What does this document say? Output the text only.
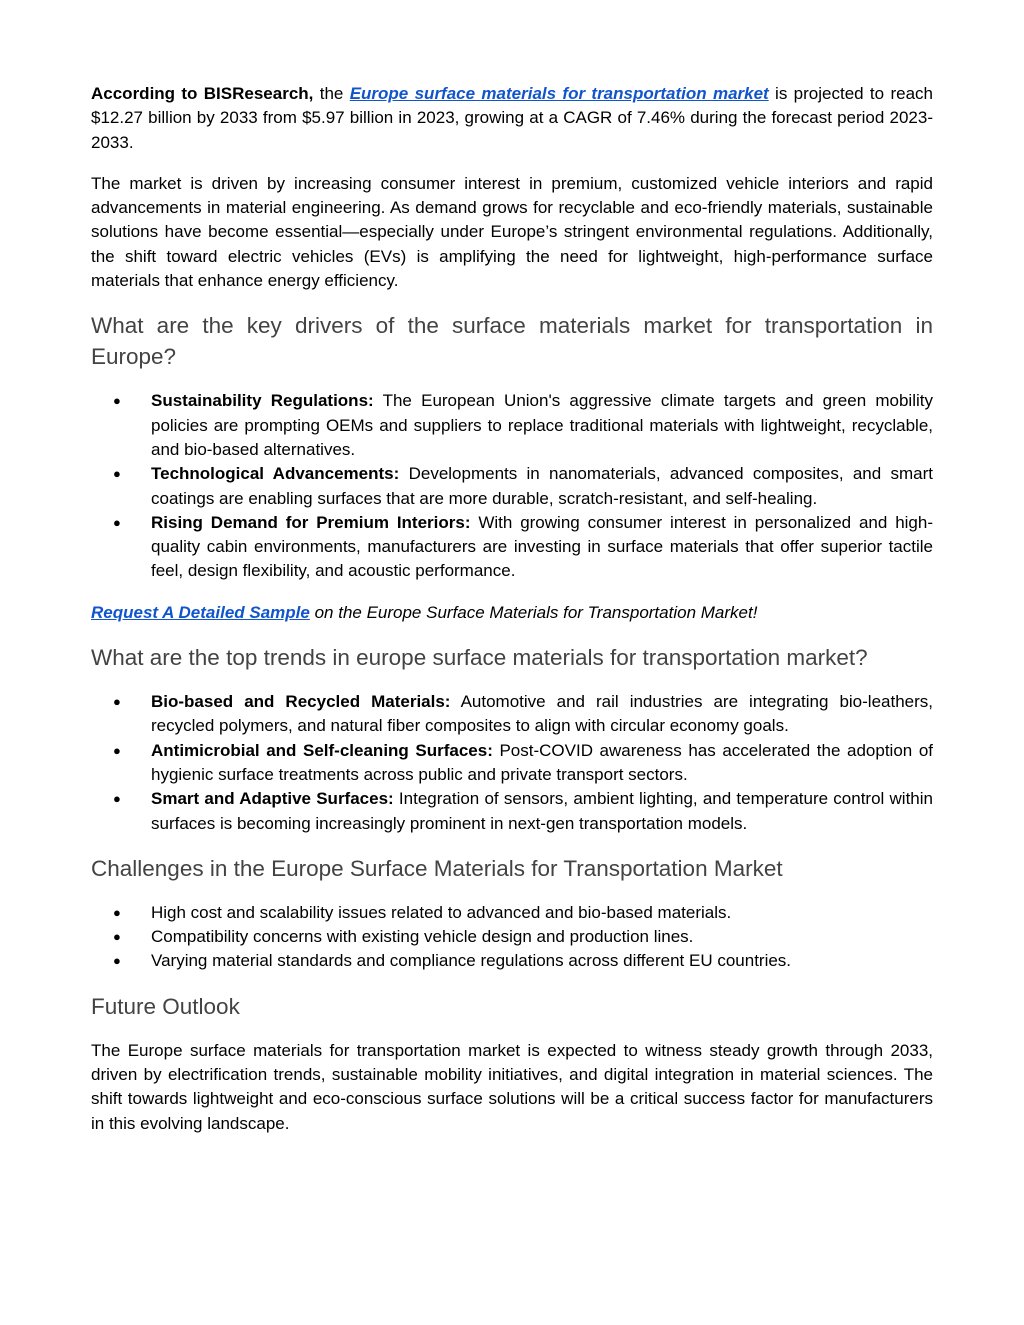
According to BISResearch, the Europe surface materials for transportation market is projected to reach $12.27 billion by 2033 from $5.97 billion in 2023, growing at a CAGR of 7.46% during the forecast period 2023-2033.

The market is driven by increasing consumer interest in premium, customized vehicle interiors and rapid advancements in material engineering. As demand grows for recyclable and eco-friendly materials, sustainable solutions have become essential—especially under Europe’s stringent environmental regulations. Additionally, the shift toward electric vehicles (EVs) is amplifying the need for lightweight, high-performance surface materials that enhance energy efficiency.

What are the key drivers of the surface materials market for transportation in Europe?
● Sustainability Regulations: The European Union's aggressive climate targets and green mobility policies are prompting OEMs and suppliers to replace traditional materials with lightweight, recyclable, and bio-based alternatives.
● Technological Advancements: Developments in nanomaterials, advanced composites, and smart coatings are enabling surfaces that are more durable, scratch-resistant, and self-healing.
● Rising Demand for Premium Interiors: With growing consumer interest in personalized and high-quality cabin environments, manufacturers are investing in surface materials that offer superior tactile feel, design flexibility, and acoustic performance.

Request A Detailed Sample on the Europe Surface Materials for Transportation Market!

What are the top trends in europe surface materials for transportation market?
● Bio-based and Recycled Materials: Automotive and rail industries are integrating bio-leathers, recycled polymers, and natural fiber composites to align with circular economy goals.
● Antimicrobial and Self-cleaning Surfaces: Post-COVID awareness has accelerated the adoption of hygienic surface treatments across public and private transport sectors.
● Smart and Adaptive Surfaces: Integration of sensors, ambient lighting, and temperature control within surfaces is becoming increasingly prominent in next-gen transportation models.
Challenges in the Europe Surface Materials for Transportation Market
● High cost and scalability issues related to advanced and bio-based materials.
● Compatibility concerns with existing vehicle design and production lines.
● Varying material standards and compliance regulations across different EU countries.
Future Outlook

The Europe surface materials for transportation market is expected to witness steady growth through 2033, driven by electrification trends, sustainable mobility initiatives, and digital integration in material sciences. The shift towards lightweight and eco-conscious surface solutions will be a critical success factor for manufacturers in this evolving landscape.
